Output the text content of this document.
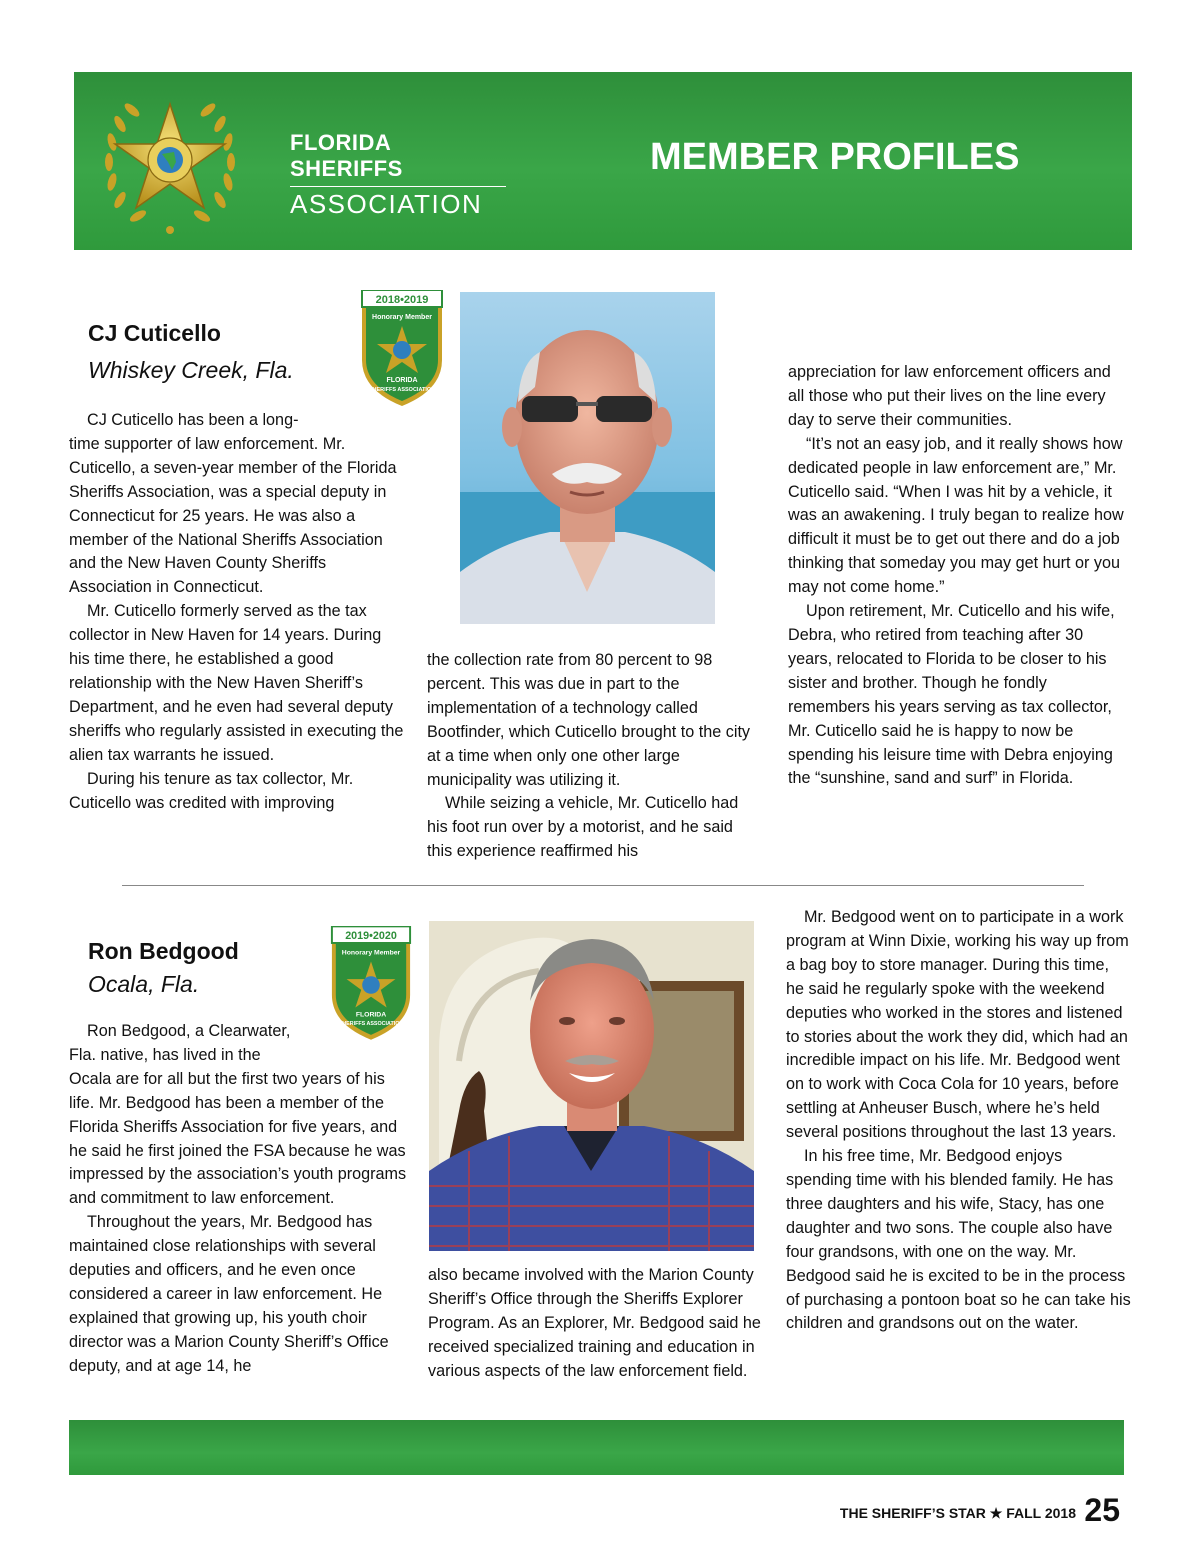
FLORIDA SHERIFFS
ASSOCIATION
MEMBER PROFILES
CJ Cuticello
Whiskey Creek, Fla.
2018•2019
Honorary Member
FLORIDA
SHERIFFS ASSOCIATION

CJ Cuticello has been a long-

time supporter of law enforcement. Mr. Cuticello, a seven-year member of the Florida Sheriffs Association, was a special deputy in Connecticut for 25 years. He was also a member of the National Sheriffs Association and the New Haven County Sheriffs Association in Connecticut.

Mr. Cuticello formerly served as the tax collector in New Haven for 14 years. During his time there, he established a good relationship with the New Haven Sheriff’s Department, and he even had several deputy sheriffs who regularly assisted in executing the alien tax warrants he issued.

During his tenure as tax collector, Mr. Cuticello was credited with improving

the collection rate from 80 percent to 98 percent. This was due in part to the implementation of a technology called Bootfinder, which Cuticello brought to the city at a time when only one other large municipality was utilizing it.

While seizing a vehicle, Mr. Cuticello had his foot run over by a motorist, and he said this experience reaffirmed his

appreciation for law enforcement officers and all those who put their lives on the line every day to serve their communities.

“It’s not an easy job, and it really shows how dedicated people in law enforcement are,” Mr. Cuticello said. “When I was hit by a vehicle, it was an awakening. I truly began to realize how difficult it must be to get out there and do a job thinking that someday you may get hurt or you may not come home.”

Upon retirement, Mr. Cuticello and his wife, Debra, who retired from teaching after 30 years, relocated to Florida to be closer to his sister and brother. Though he fondly remembers his years serving as tax collector, Mr. Cuticello said he is happy to now be spending his leisure time with Debra enjoying the “sunshine, sand and surf” in Florida.

Ron Bedgood
Ocala, Fla.
2019•2020
Honorary Member
FLORIDA
SHERIFFS ASSOCIATION

Ron Bedgood, a Clearwater, Fla. native, has lived in the

Ocala are for all but the first two years of his life. Mr. Bedgood has been a member of the Florida Sheriffs Association for five years, and he said he first joined the FSA because he was impressed by the association’s youth programs and commitment to law enforcement.

Throughout the years, Mr. Bedgood has maintained close relationships with several deputies and officers, and he even once considered a career in law enforcement. He explained that growing up, his youth choir director was a Marion County Sheriff’s Office deputy, and at age 14, he

also became involved with the Marion County Sheriff’s Office through the Sheriffs Explorer Program. As an Explorer, Mr. Bedgood said he received specialized training and education in various aspects of the law enforcement field.

Mr. Bedgood went on to participate in a work program at Winn Dixie, working his way up from a bag boy to store manager. During this time, he said he regularly spoke with the weekend deputies who worked in the stores and listened to stories about the work they did, which had an incredible impact on his life. Mr. Bedgood went on to work with Coca Cola for 10 years, before settling at Anheuser Busch, where he’s held several positions throughout the last 13 years.

In his free time, Mr. Bedgood enjoys spending time with his blended family. He has three daughters and his wife, Stacy, has one daughter and two sons. The couple also have four grandsons, with one on the way. Mr. Bedgood said he is excited to be in the process of purchasing a pontoon boat so he can take his children and grandsons out on the water.

THE SHERIFF’S STAR ★ FALL 2018 25
